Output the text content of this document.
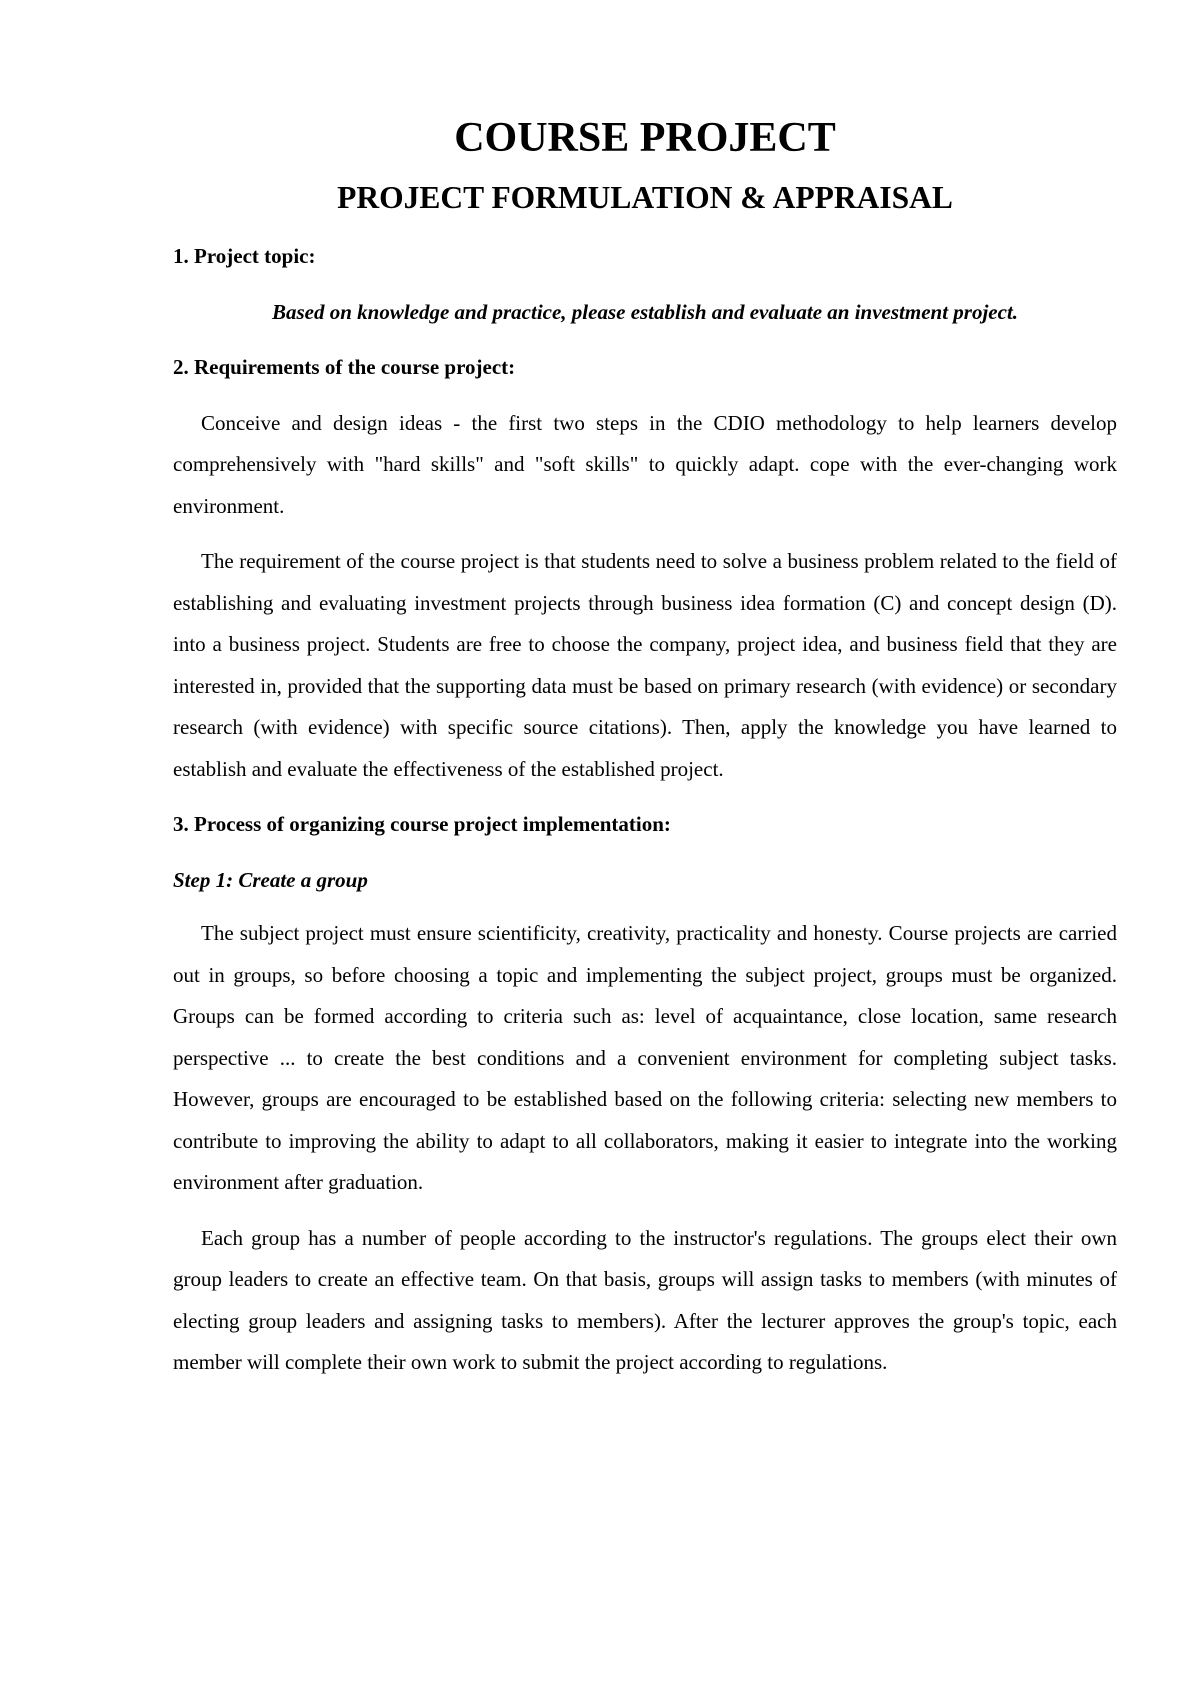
COURSE PROJECT
PROJECT FORMULATION & APPRAISAL
1. Project topic:
Based on knowledge and practice, please establish and evaluate an investment project.
2. Requirements of the course project:

Conceive and design ideas - the first two steps in the CDIO methodology to help learners develop comprehensively with "hard skills" and "soft skills" to quickly adapt. cope with the ever-changing work environment.

The requirement of the course project is that students need to solve a business problem related to the field of establishing and evaluating investment projects through business idea formation (C) and concept design (D). into a business project. Students are free to choose the company, project idea, and business field that they are interested in, provided that the supporting data must be based on primary research (with evidence) or secondary research (with evidence) with specific source citations). Then, apply the knowledge you have learned to establish and evaluate the effectiveness of the established project.

3. Process of organizing course project implementation:
Step 1: Create a group

The subject project must ensure scientificity, creativity, practicality and honesty. Course projects are carried out in groups, so before choosing a topic and implementing the subject project, groups must be organized. Groups can be formed according to criteria such as: level of acquaintance, close location, same research perspective ... to create the best conditions and a convenient environment for completing subject tasks. However, groups are encouraged to be established based on the following criteria: selecting new members to contribute to improving the ability to adapt to all collaborators, making it easier to integrate into the working environment after graduation.

Each group has a number of people according to the instructor's regulations. The groups elect their own group leaders to create an effective team. On that basis, groups will assign tasks to members (with minutes of electing group leaders and assigning tasks to members). After the lecturer approves the group's topic, each member will complete their own work to submit the project according to regulations.
